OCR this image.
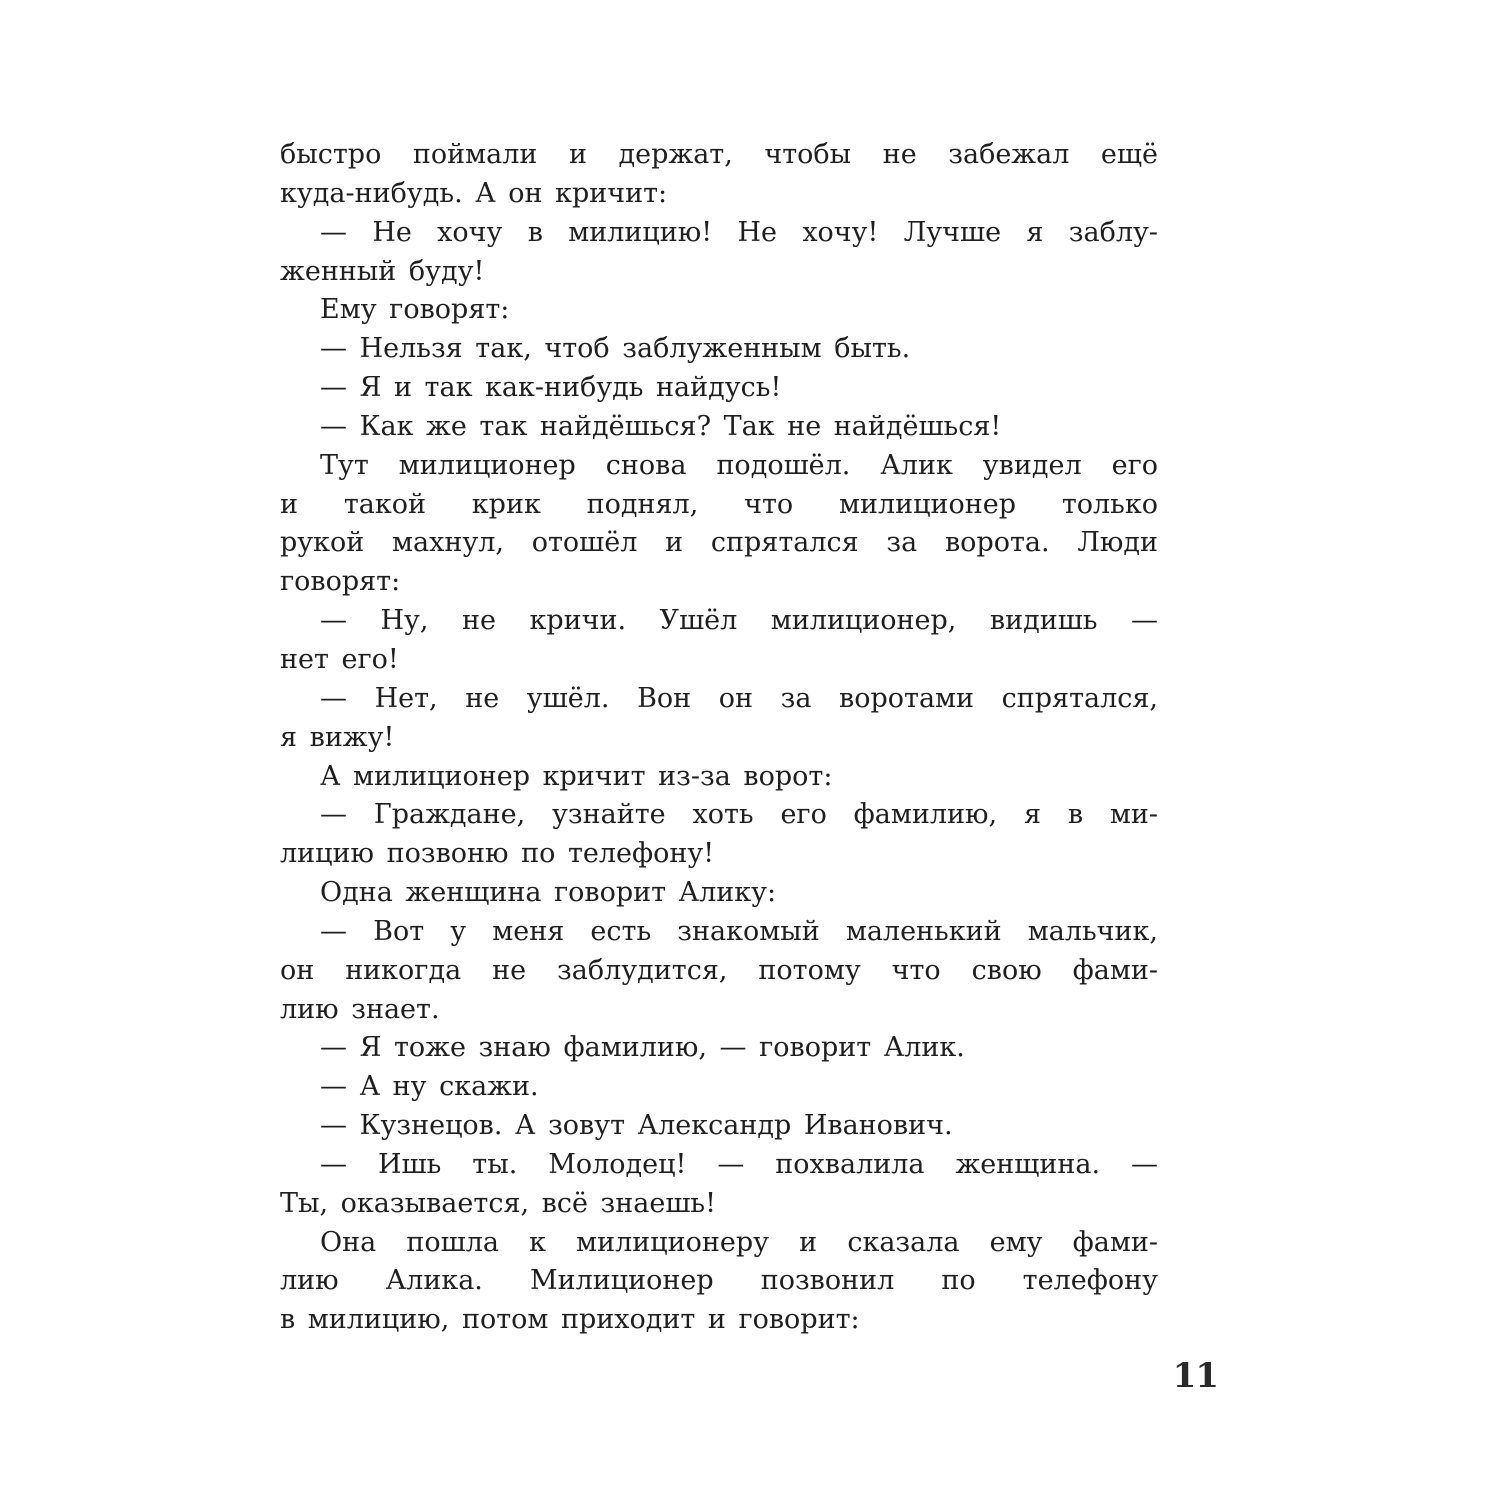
быстро поймали и держат, чтобы не забежал ещё
куда-нибудь. А он кричит:
— Не хочу в милицию! Не хочу! Лучше я заблу-
женный буду!
Ему говорят:
— Нельзя так, чтоб заблуженным быть.
— Я и так как-нибудь найдусь!
— Как же так найдёшься? Так не найдёшься!
Тут милиционер снова подошёл. Алик увидел его
и такой крик поднял, что милиционер только
рукой махнул, отошёл и спрятался за ворота. Люди
говорят:
— Ну, не кричи. Ушёл милиционер, видишь —
нет его!
— Нет, не ушёл. Вон он за воротами спрятался,
я вижу!
А милиционер кричит из-за ворот:
— Граждане, узнайте хоть его фамилию, я в ми-
лицию позвоню по телефону!
Одна женщина говорит Алику:
— Вот у меня есть знакомый маленький мальчик,
он никогда не заблудится, потому что свою фами-
лию знает.
— Я тоже знаю фамилию, — говорит Алик.
— А ну скажи.
— Кузнецов. А зовут Александр Иванович.
— Ишь ты. Молодец! — похвалила женщина. —
Ты, оказывается, всё знаешь!
Она пошла к милиционеру и сказала ему фами-
лию Алика. Милиционер позвонил по телефону
в милицию, потом приходит и говорит:
11
